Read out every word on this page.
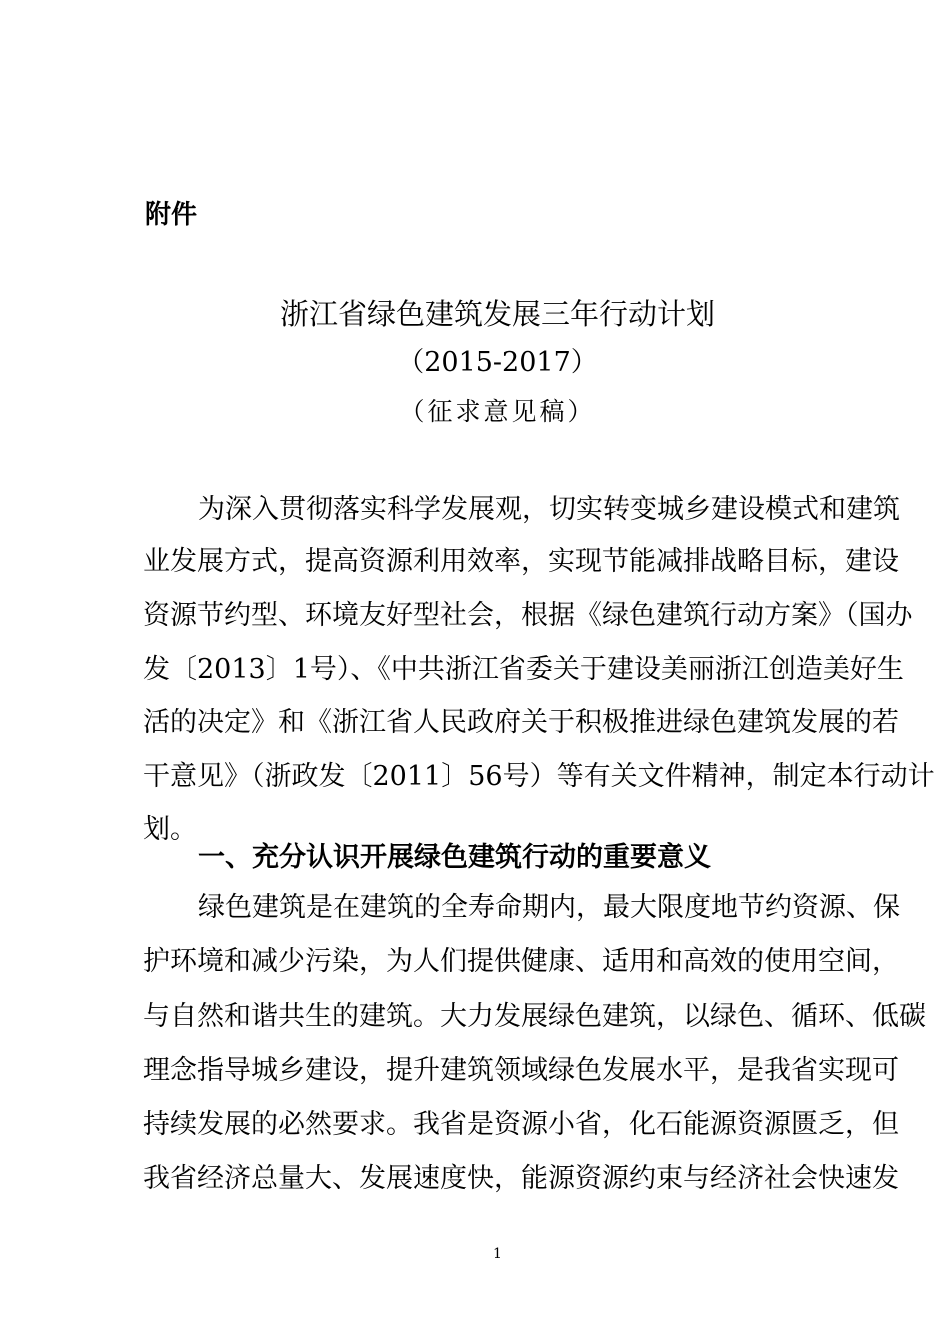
附件
浙江省绿色建筑发展三年行动计划
（2015-2017）
（征求意见稿）
为深入贯彻落实科学发展观，切实转变城乡建设模式和建筑
业发展方式，提高资源利用效率，实现节能减排战略目标，建设
资源节约型、环境友好型社会，根据《绿色建筑行动方案》（国办
发〔2013〕1号）、《中共浙江省委关于建设美丽浙江创造美好生
活的决定》和《浙江省人民政府关于积极推进绿色建筑发展的若
干意见》（浙政发〔2011〕56号）等有关文件精神，制定本行动计
划。
一、充分认识开展绿色建筑行动的重要意义
绿色建筑是在建筑的全寿命期内，最大限度地节约资源、保
护环境和减少污染，为人们提供健康、适用和高效的使用空间，
与自然和谐共生的建筑。大力发展绿色建筑，以绿色、循环、低碳
理念指导城乡建设，提升建筑领域绿色发展水平，是我省实现可
持续发展的必然要求。我省是资源小省，化石能源资源匮乏，但
我省经济总量大、发展速度快，能源资源约束与经济社会快速发
1
